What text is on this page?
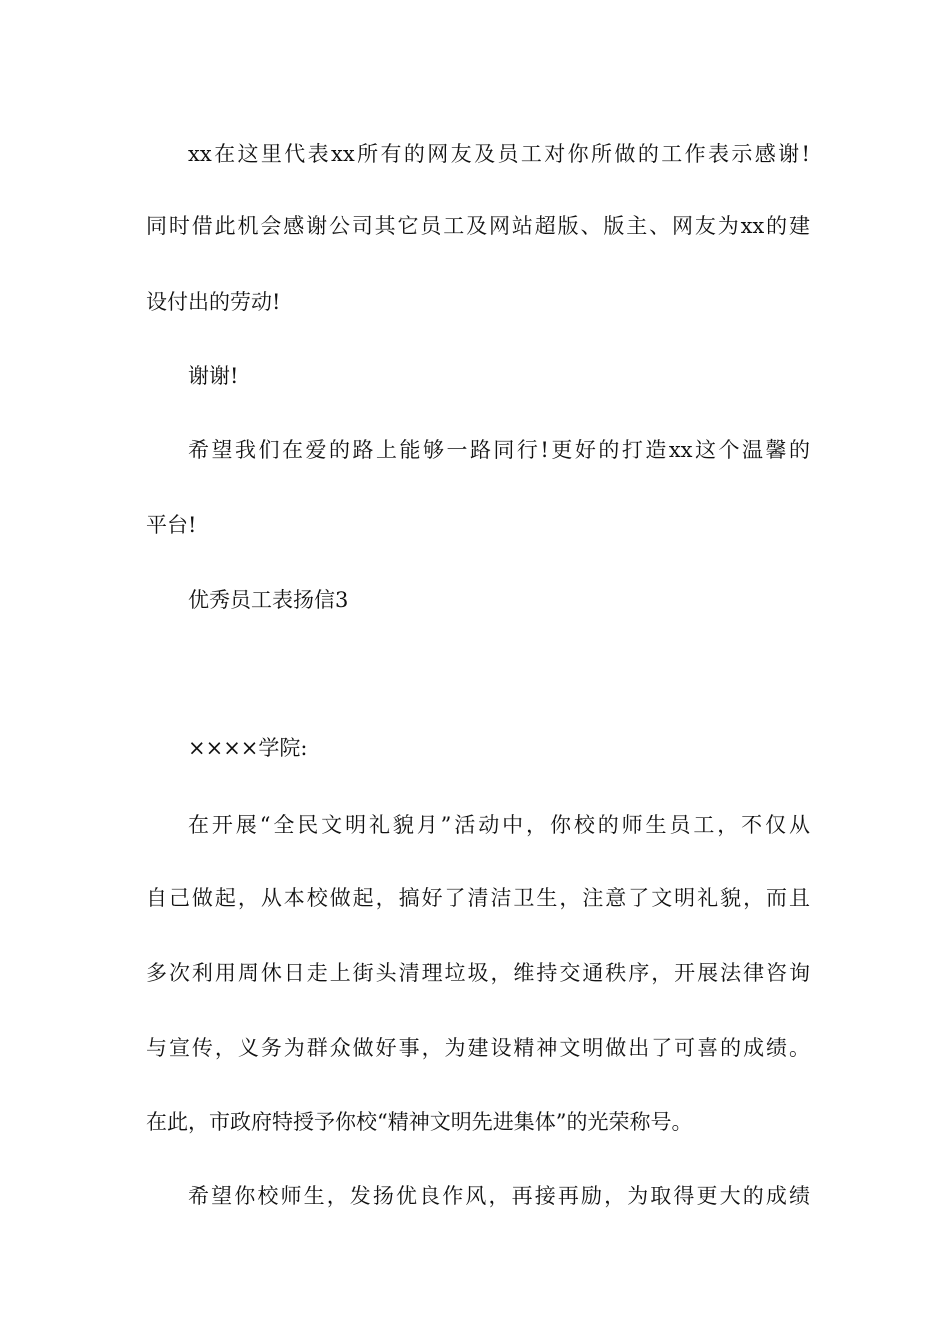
xx在这里代表xx所有的网友及员工对你所做的工作表示感谢!
同时借此机会感谢公司其它员工及网站超版、版主、网友为xx的建
设付出的劳动!
谢谢!
希望我们在爱的路上能够一路同行!更好的打造xx这个温馨的
平台!
优秀员工表扬信3
××××学院:
在开展“全民文明礼貌月”活动中，你校的师生员工，不仅从
自己做起，从本校做起，搞好了清洁卫生，注意了文明礼貌，而且
多次利用周休日走上街头清理垃圾，维持交通秩序，开展法律咨询
与宣传，义务为群众做好事，为建设精神文明做出了可喜的成绩。
在此，市政府特授予你校“精神文明先进集体”的光荣称号。
希望你校师生，发扬优良作风，再接再励，为取得更大的成绩
